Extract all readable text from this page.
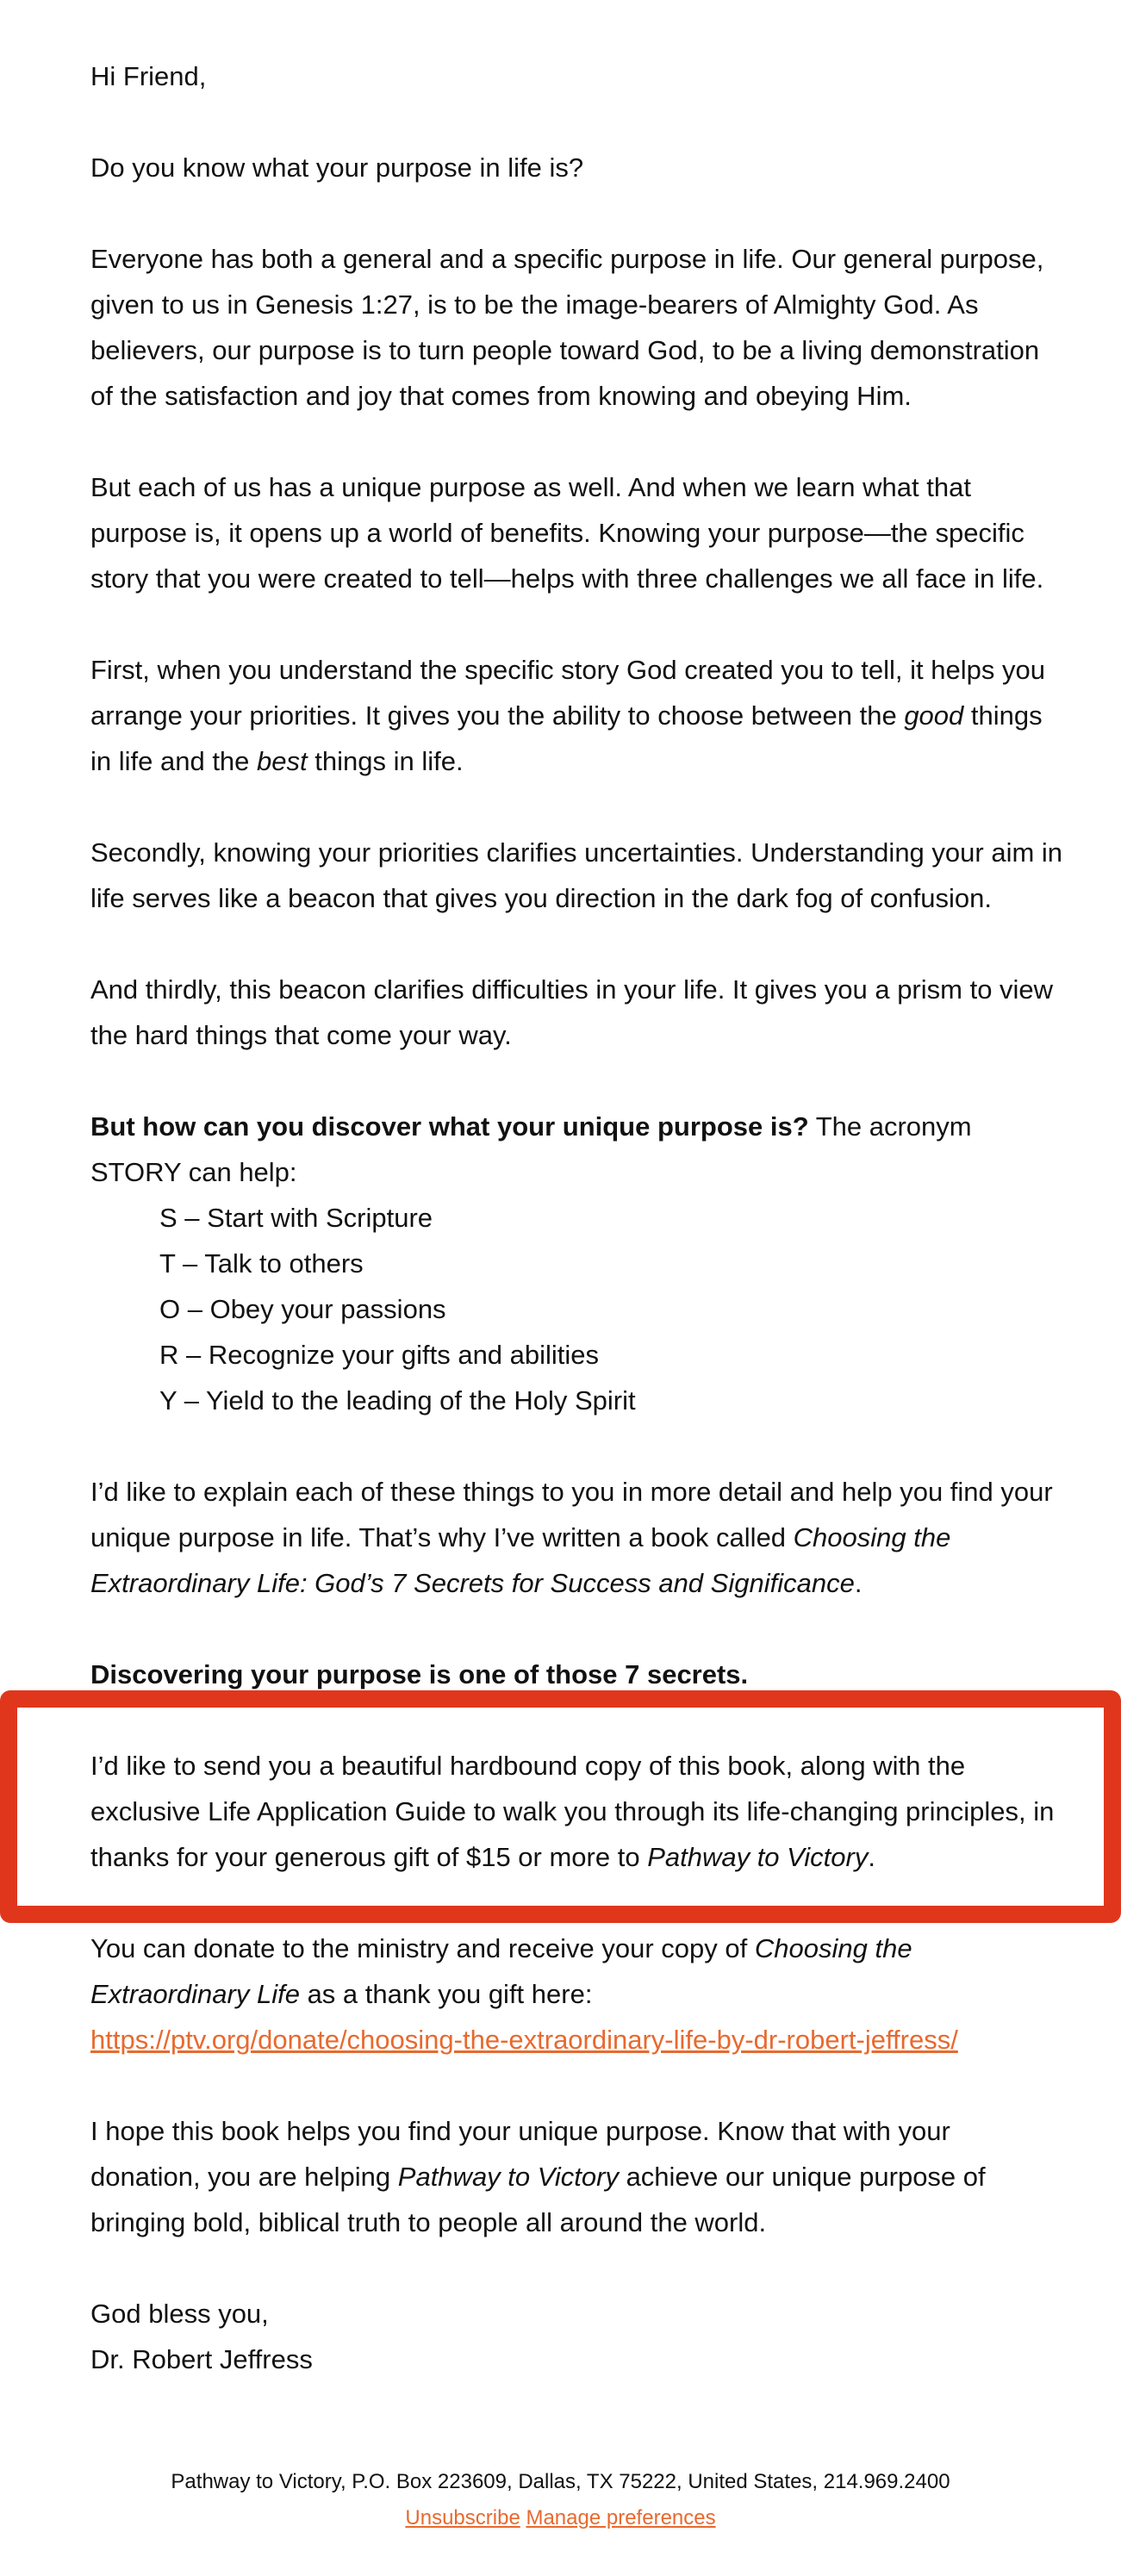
Hi Friend,

Do you know what your purpose in life is?

Everyone has both a general and a specific purpose in life. Our general purpose, given to us in Genesis 1:27, is to be the image-bearers of Almighty God. As believers, our purpose is to turn people toward God, to be a living demonstration of the satisfaction and joy that comes from knowing and obeying Him.

But each of us has a unique purpose as well. And when we learn what that purpose is, it opens up a world of benefits. Knowing your purpose—the specific story that you were created to tell—helps with three challenges we all face in life.

First, when you understand the specific story God created you to tell, it helps you arrange your priorities. It gives you the ability to choose between the good things in life and the best things in life.

Secondly, knowing your priorities clarifies uncertainties. Understanding your aim in life serves like a beacon that gives you direction in the dark fog of confusion.

And thirdly, this beacon clarifies difficulties in your life. It gives you a prism to view the hard things that come your way.

But how can you discover what your unique purpose is? The acronym STORY can help:

S – Start with Scripture

T – Talk to others

O – Obey your passions

R – Recognize your gifts and abilities

Y – Yield to the leading of the Holy Spirit

I’d like to explain each of these things to you in more detail and help you find your unique purpose in life. That’s why I’ve written a book called Choosing the Extraordinary Life: God’s 7 Secrets for Success and Significance.

Discovering your purpose is one of those 7 secrets.

I’d like to send you a beautiful hardbound copy of this book, along with the exclusive Life Application Guide to walk you through its life-changing principles, in thanks for your generous gift of $15 or more to Pathway to Victory.

You can donate to the ministry and receive your copy of Choosing the Extraordinary Life as a thank you gift here:
https://ptv.org/donate/choosing-the-extraordinary-life-by-dr-robert-jeffress/

I hope this book helps you find your unique purpose. Know that with your donation, you are helping Pathway to Victory achieve our unique purpose of bringing bold, biblical truth to people all around the world.

God bless you,

Dr. Robert Jeffress

Pathway to Victory, P.O. Box 223609, Dallas, TX 75222, United States, 214.969.2400
Unsubscribe Manage preferences
